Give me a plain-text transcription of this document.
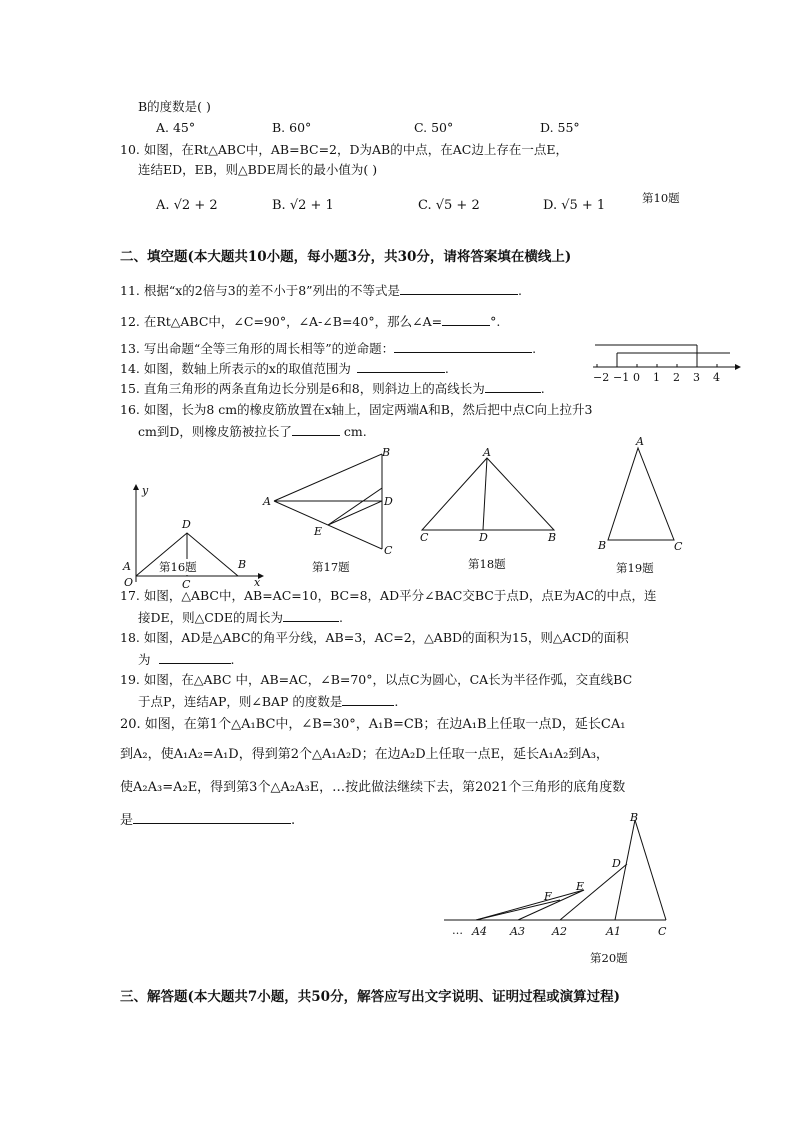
B的度数是( )
A. 45°	B. 60°	C. 50°	D. 55°
10. 如图，在Rt△ABC中，AB=BC=2，D为AB的中点，在AC边上存在一点E，
连结ED，EB，则△BDE周长的最小值为( )
A. √2 + 2	B. √2 + 1	C. √5 + 2	D. √5 + 1	第10题
二、填空题(本大题共10小题，每小题3分，共30分，请将答案填在横线上)
11. 根据“x的2倍与3的差不小于8”列出的不等式是	.
12. 在Rt△ABC中，∠C=90°，∠A-∠B=40°，那么∠A=	°.
13. 写出命题“全等三角形的周长相等”的逆命题：	.
14. 如图，数轴上所表示的x的取值范围为	.
15. 直角三角形的两条直角边长分别是6和8，则斜边上的高线长为	.
16. 如图，长为8 cm的橡皮筋放置在x轴上，固定两端A和B，然后把中点C向上拉升3
cm到D，则橡皮筋被拉长了	cm.
−2 −1 0 1 2 3 4
y
D
A
O	C
B
x
第16题
B
A	D
E
C
第17题
A
C	D	B
第18题
A
B	C
第19题
17. 如图，△ABC中，AB=AC=10，BC=8，AD平分∠BAC交BC于点D，点E为AC的中点，连
接DE，则△CDE的周长为	.
18. 如图，AD是△ABC的角平分线，AB=3，AC=2，△ABD的面积为15，则△ACD的面积
为	.
19. 如图，在△ABC 中，AB=AC，∠B=70°，以点C为圆心，CA长为半径作弧，交直线BC
于点P，连结AP，则∠BAP 的度数是	.
20. 如图，在第1个△A₁BC中，∠B=30°，A₁B=CB；在边A₁B上任取一点D，延长CA₁
到A₂，使A₁A₂=A₁D，得到第2个△A₁A₂D；在边A₂D上任取一点E，延长A₁A₂到A₃，
使A₂A₃=A₂E，得到第3个△A₂A₃E，…按此做法继续下去，第2021个三角形的底角度数
是	.	B
D
E
F
… A4 A3 A2	A1	C
第20题
三、解答题(本大题共7小题，共50分，解答应写出文字说明、证明过程或演算过程)
